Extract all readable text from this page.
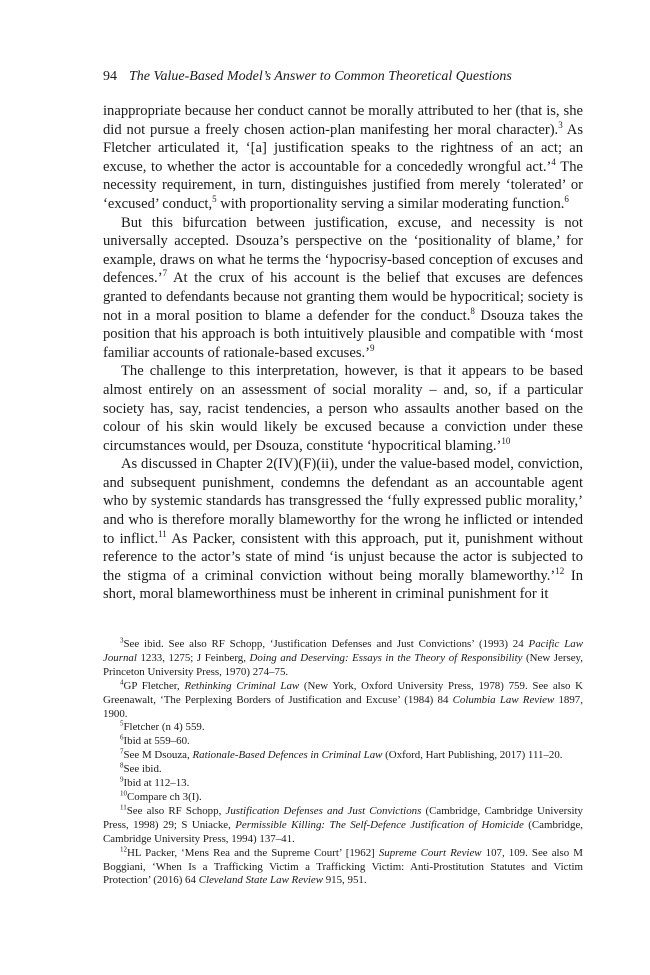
94 The Value-Based Model’s Answer to Common Theoretical Questions

inappropriate because her conduct cannot be morally attributed to her (that is, she did not pursue a freely chosen action-plan manifesting her moral character).$^3$ As Fletcher articulated it, ‘[a] justification speaks to the rightness of an act; an excuse, to whether the actor is accountable for a concededly wrongful act.’$^4$ The necessity requirement, in turn, distinguishes justified from merely ‘tolerated’ or ‘excused’ conduct,$^5$ with proportionality serving a similar moderating function.$^6$

But this bifurcation between justification, excuse, and necessity is not universally accepted. Dsouza’s perspective on the ‘positionality of blame,’ for example, draws on what he terms the ‘hypocrisy-based conception of excuses and defences.’$^7$ At the crux of his account is the belief that excuses are defences granted to defendants because not granting them would be hypocritical; society is not in a moral position to blame a defender for the conduct.$^8$ Dsouza takes the position that his approach is both intuitively plausible and compatible with ‘most familiar accounts of rationale-based excuses.’$^9$

The challenge to this interpretation, however, is that it appears to be based almost entirely on an assessment of social morality – and, so, if a particular society has, say, racist tendencies, a person who assaults another based on the colour of his skin would likely be excused because a conviction under these circumstances would, per Dsouza, constitute ‘hypocritical blaming.’$^{10}$

As discussed in Chapter 2(IV)(F)(ii), under the value-based model, conviction, and subsequent punishment, condemns the defendant as an accountable agent who by systemic standards has transgressed the ‘fully expressed public morality,’ and who is therefore morally blameworthy for the wrong he inflicted or intended to inflict.$^{11}$ As Packer, consistent with this approach, put it, punishment without reference to the actor’s state of mind ‘is unjust because the actor is subjected to the stigma of a criminal conviction without being morally blameworthy.’$^{12}$ In short, moral blameworthiness must be inherent in criminal punishment for it

$^3$See ibid. See also RF Schopp, ‘Justification Defenses and Just Convictions’ (1993) 24 Pacific Law Journal 1233, 1275; J Feinberg, Doing and Deserving: Essays in the Theory of Responsibility (New Jersey, Princeton University Press, 1970) 274–75.

$^4$GP Fletcher, Rethinking Criminal Law (New York, Oxford University Press, 1978) 759. See also K Greenawalt, ‘The Perplexing Borders of Justification and Excuse’ (1984) 84 Columbia Law Review 1897, 1900.

$^5$Fletcher (n 4) 559.

$^6$Ibid at 559–60.

$^7$See M Dsouza, Rationale-Based Defences in Criminal Law (Oxford, Hart Publishing, 2017) 111–20.

$^8$See ibid.

$^9$Ibid at 112–13.

$^{10}$Compare ch 3(I).

$^{11}$See also RF Schopp, Justification Defenses and Just Convictions (Cambridge, Cambridge University Press, 1998) 29; S Uniacke, Permissible Killing: The Self-Defence Justification of Homicide (Cambridge, Cambridge University Press, 1994) 137–41.

$^{12}$HL Packer, ‘Mens Rea and the Supreme Court’ [1962] Supreme Court Review 107, 109. See also M Boggiani, ‘When Is a Trafficking Victim a Trafficking Victim: Anti-Prostitution Statutes and Victim Protection’ (2016) 64 Cleveland State Law Review 915, 951.
